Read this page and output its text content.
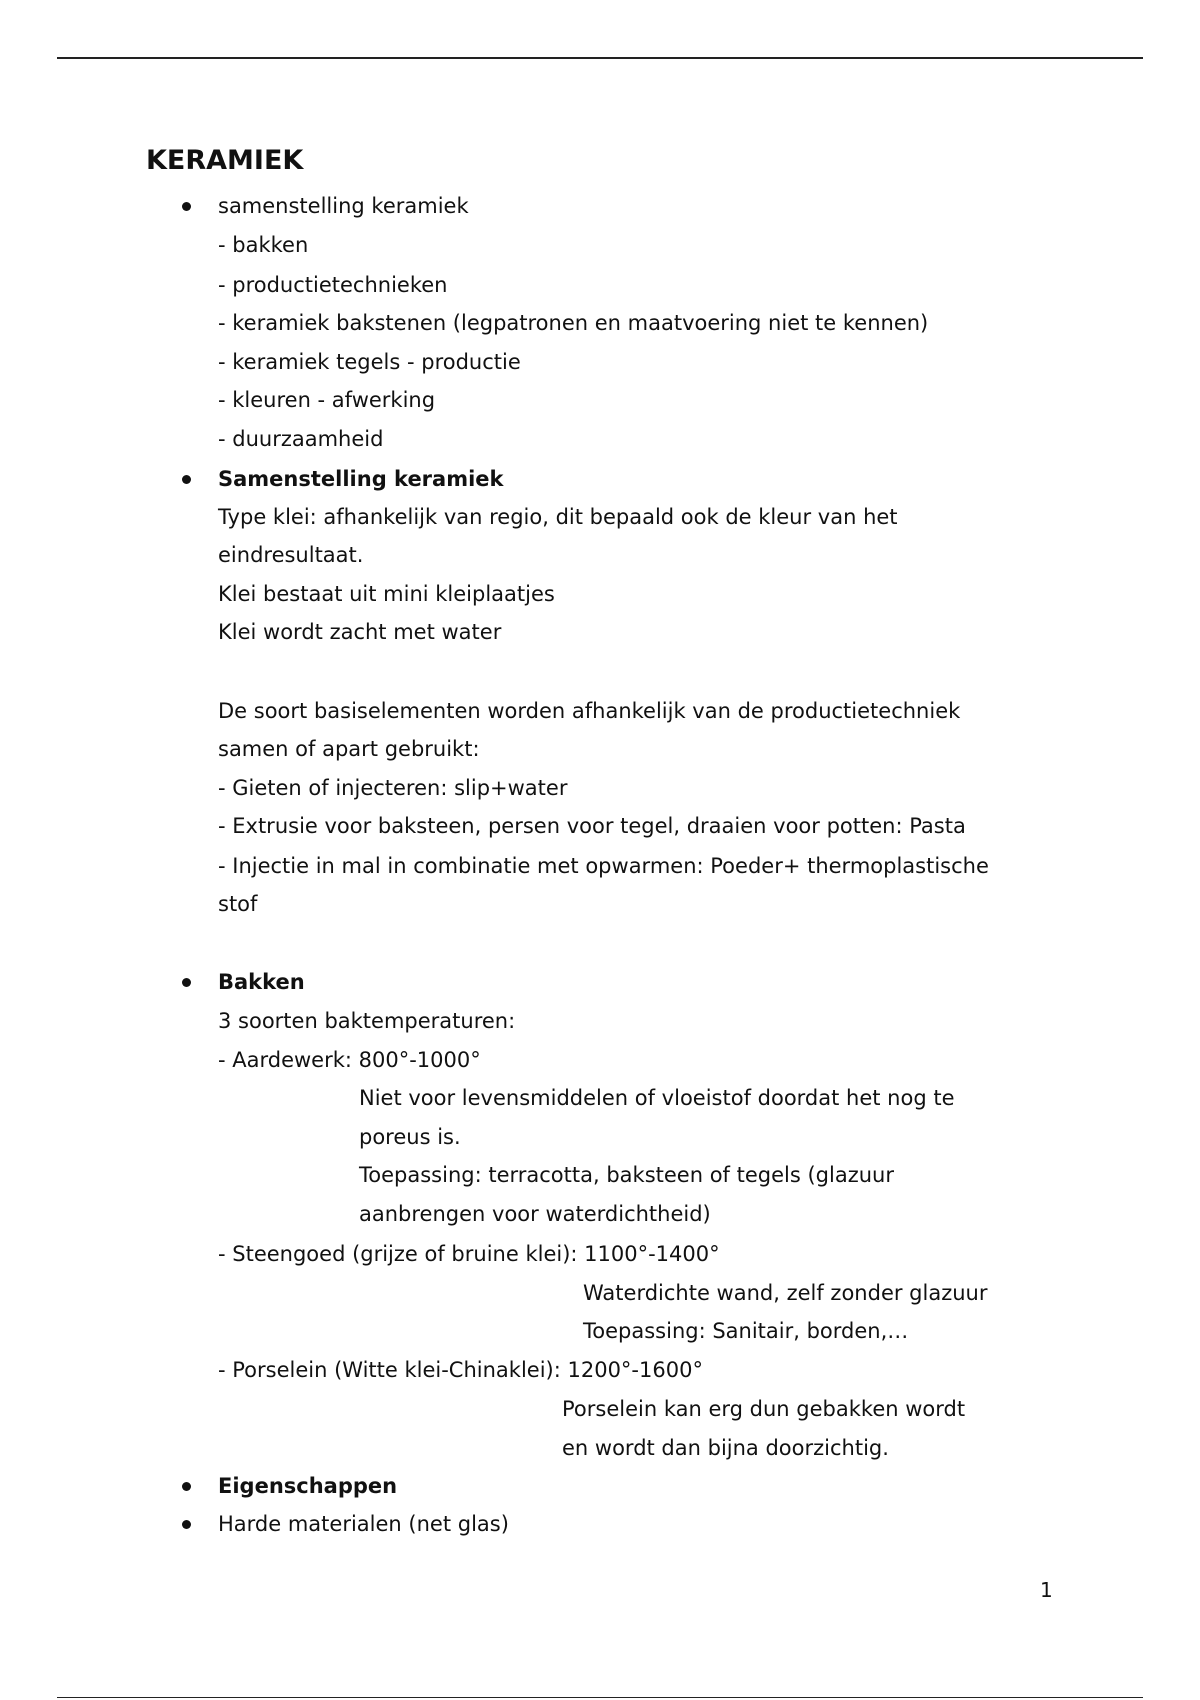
KERAMIEK
samenstelling keramiek
- bakken
- productietechnieken
- keramiek bakstenen (legpatronen en maatvoering niet te kennen)
- keramiek tegels - productie
- kleuren - afwerking
- duurzaamheid
Samenstelling keramiek
Type klei: afhankelijk van regio, dit bepaald ook de kleur van het
eindresultaat.
Klei bestaat uit mini kleiplaatjes
Klei wordt zacht met water
De soort basiselementen worden afhankelijk van de productietechniek
samen of apart gebruikt:
- Gieten of injecteren: slip+water
- Extrusie voor baksteen, persen voor tegel, draaien voor potten: Pasta
- Injectie in mal in combinatie met opwarmen: Poeder+ thermoplastische
stof
Bakken
3 soorten baktemperaturen:
- Aardewerk: 800°-1000°
Niet voor levensmiddelen of vloeistof doordat het nog te
poreus is.
Toepassing: terracotta, baksteen of tegels (glazuur
aanbrengen voor waterdichtheid)
- Steengoed (grijze of bruine klei): 1100°-1400°
Waterdichte wand, zelf zonder glazuur
Toepassing: Sanitair, borden,…
- Porselein (Witte klei-Chinaklei): 1200°-1600°
Porselein kan erg dun gebakken wordt
en wordt dan bijna doorzichtig.
Eigenschappen
Harde materialen (net glas)
1
